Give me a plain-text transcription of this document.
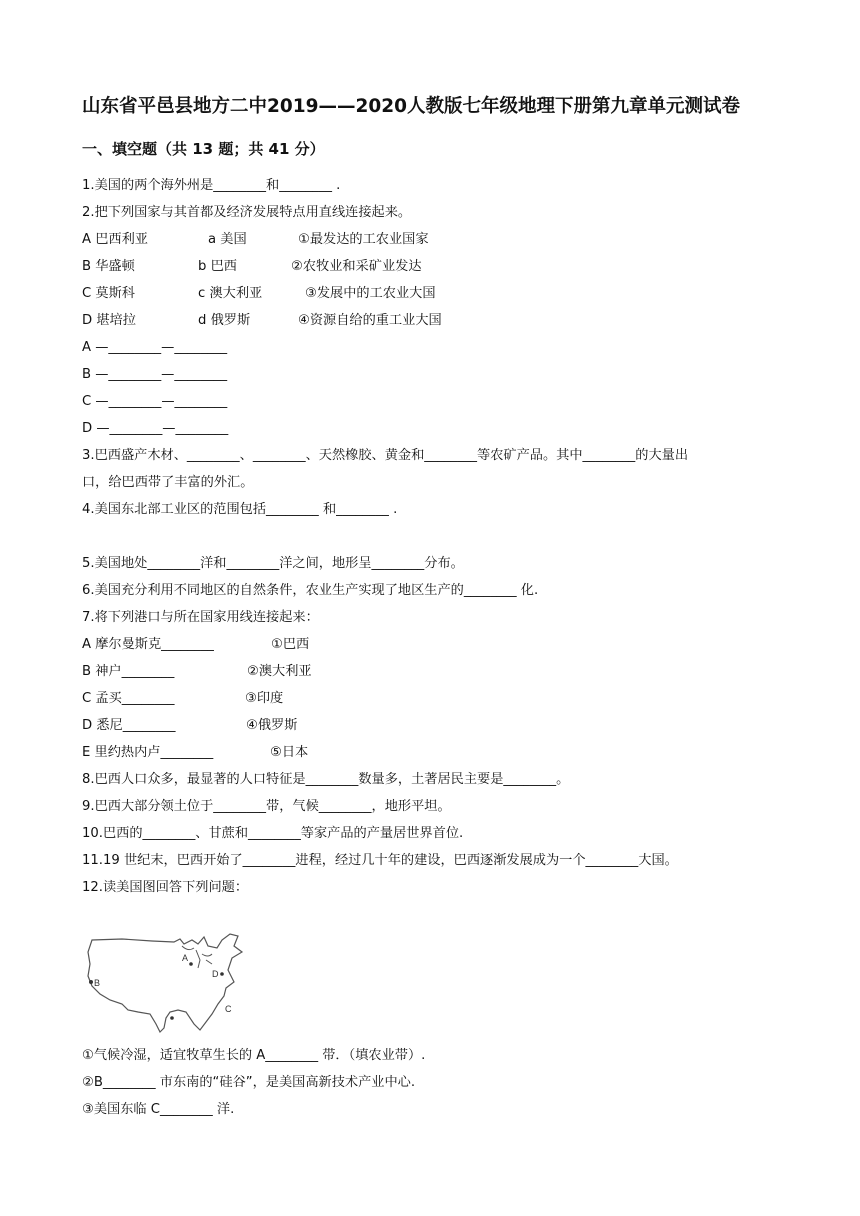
山东省平邑县地方二中2019——2020人教版七年级地理下册第九章单元测试卷
一、填空题（共 13 题；共 41 分）
1.美国的两个海外州是________和________ .
2.把下列国家与其首都及经济发展特点用直线连接起来。
A 巴西利亚
B 华盛顿
C 莫斯科
D 堪培拉
a 美国
b 巴西
c 澳大利亚
d 俄罗斯
①最发达的工农业国家
②农牧业和采矿业发达
③发展中的工农业大国
④资源自给的重工业大国
A —________—________
B —________—________
C —________—________
D —________—________
3.巴西盛产木材、________、________、天然橡胶、黄金和________等农矿产品。其中________的大量出
口，给巴西带了丰富的外汇。
4.美国东北部工业区的范围包括________ 和________ .
5.美国地处________洋和________洋之间，地形呈________分布。
6.美国充分利用不同地区的自然条件，农业生产实现了地区生产的________ 化.
7.将下列港口与所在国家用线连接起来：
A 摩尔曼斯克________
B 神户________
C 孟买________
D 悉尼________
E 里约热内卢________
①巴西
②澳大利亚
③印度
④俄罗斯
⑤日本
8.巴西人口众多，最显著的人口特征是________数量多，土著居民主要是________。
9.巴西大部分领土位于________带，气候________，地形平坦。
10.巴西的________、甘蔗和________等家产品的产量居世界首位.
11.19 世纪末，巴西开始了________进程，经过几十年的建设，巴西逐渐发展成为一个________大国。
12.读美国图回答下列问题：
A
B
C
D
①气候冷湿，适宜牧草生长的 A________ 带．（填农业带）.
②B________ 市东南的“硅谷”，是美国高新技术产业中心.
③美国东临 C________ 洋.
